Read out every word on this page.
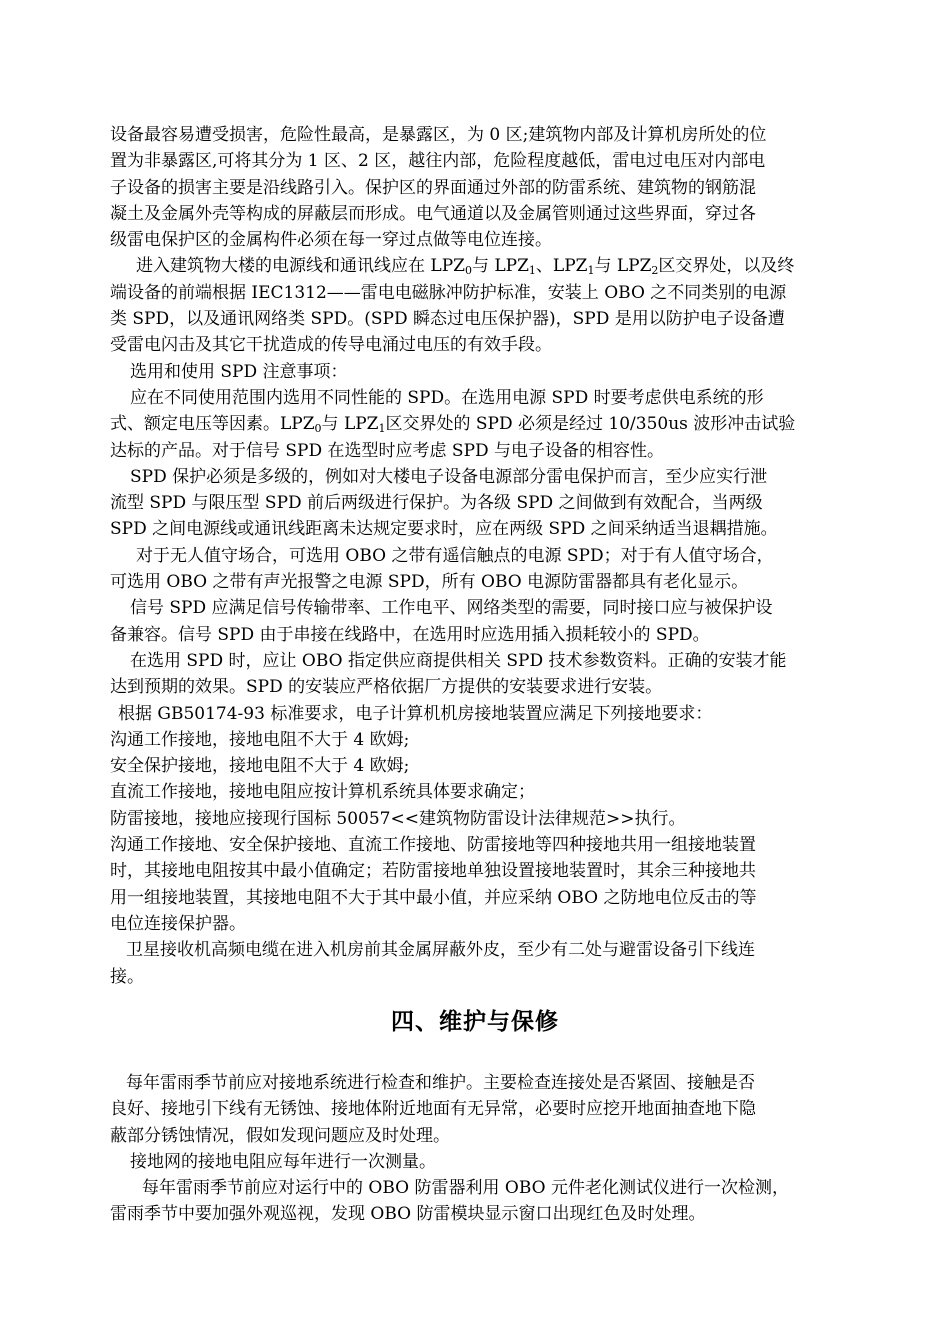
设备最容易遭受损害，危险性最高，是暴露区，为 0 区;建筑物内部及计算机房所处的位

置为非暴露区,可将其分为 1 区、2 区，越往内部，危险程度越低，雷电过电压对内部电

子设备的损害主要是沿线路引入。保护区的界面通过外部的防雷系统、建筑物的钢筋混

凝土及金属外壳等构成的屏蔽层而形成。电气通道以及金属管则通过这些界面，穿过各

级雷电保护区的金属构件必须在每一穿过点做等电位连接。

进入建筑物大楼的电源线和通讯线应在 $LPZ_0$与 $LPZ_1$、$LPZ_1$与 $LPZ_2$区交界处，以及终

端设备的前端根据 IEC1312——雷电电磁脉冲防护标准，安装上 OBO 之不同类别的电源

类 SPD，以及通讯网络类 SPD。(SPD 瞬态过电压保护器)，SPD 是用以防护电子设备遭

受雷电闪击及其它干扰造成的传导电涌过电压的有效手段。

选用和使用 SPD 注意事项：

应在不同使用范围内选用不同性能的 SPD。在选用电源 SPD 时要考虑供电系统的形

式、额定电压等因素。$LPZ_0$与 $LPZ_1$区交界处的 SPD 必须是经过 10/350us 波形冲击试验

达标的产品。对于信号 SPD 在选型时应考虑 SPD 与电子设备的相容性。

SPD 保护必须是多级的，例如对大楼电子设备电源部分雷电保护而言，至少应实行泄

流型 SPD 与限压型 SPD 前后两级进行保护。为各级 SPD 之间做到有效配合，当两级

SPD 之间电源线或通讯线距离未达规定要求时，应在两级 SPD 之间采纳适当退耦措施。

对于无人值守场合，可选用 OBO 之带有遥信触点的电源 SPD；对于有人值守场合，

可选用 OBO 之带有声光报警之电源 SPD，所有 OBO 电源防雷器都具有老化显示。

信号 SPD 应满足信号传输带率、工作电平、网络类型的需要，同时接口应与被保护设

备兼容。信号 SPD 由于串接在线路中，在选用时应选用插入损耗较小的 SPD。

在选用 SPD 时，应让 OBO 指定供应商提供相关 SPD 技术参数资料。正确的安装才能

达到预期的效果。SPD 的安装应严格依据厂方提供的安装要求进行安装。

根据 GB50174-93 标准要求，电子计算机机房接地装置应满足下列接地要求：

沟通工作接地，接地电阻不大于 4 欧姆;

安全保护接地，接地电阻不大于 4 欧姆;

直流工作接地，接地电阻应按计算机系统具体要求确定；

防雷接地，接地应接现行国标 50057<<建筑物防雷设计法律规范>>执行。

沟通工作接地、安全保护接地、直流工作接地、防雷接地等四种接地共用一组接地装置

时，其接地电阻按其中最小值确定；若防雷接地单独设置接地装置时，其余三种接地共

用一组接地装置，其接地电阻不大于其中最小值，并应采纳 OBO 之防地电位反击的等

电位连接保护器。

卫星接收机高频电缆在进入机房前其金属屏蔽外皮，至少有二处与避雷设备引下线连

接。

四、维护与保修

每年雷雨季节前应对接地系统进行检查和维护。主要检查连接处是否紧固、接触是否

良好、接地引下线有无锈蚀、接地体附近地面有无异常，必要时应挖开地面抽查地下隐

蔽部分锈蚀情况，假如发现问题应及时处理。

接地网的接地电阻应每年进行一次测量。

每年雷雨季节前应对运行中的 OBO 防雷器利用 OBO 元件老化测试仪进行一次检测，

雷雨季节中要加强外观巡视，发现 OBO 防雷模块显示窗口出现红色及时处理。
